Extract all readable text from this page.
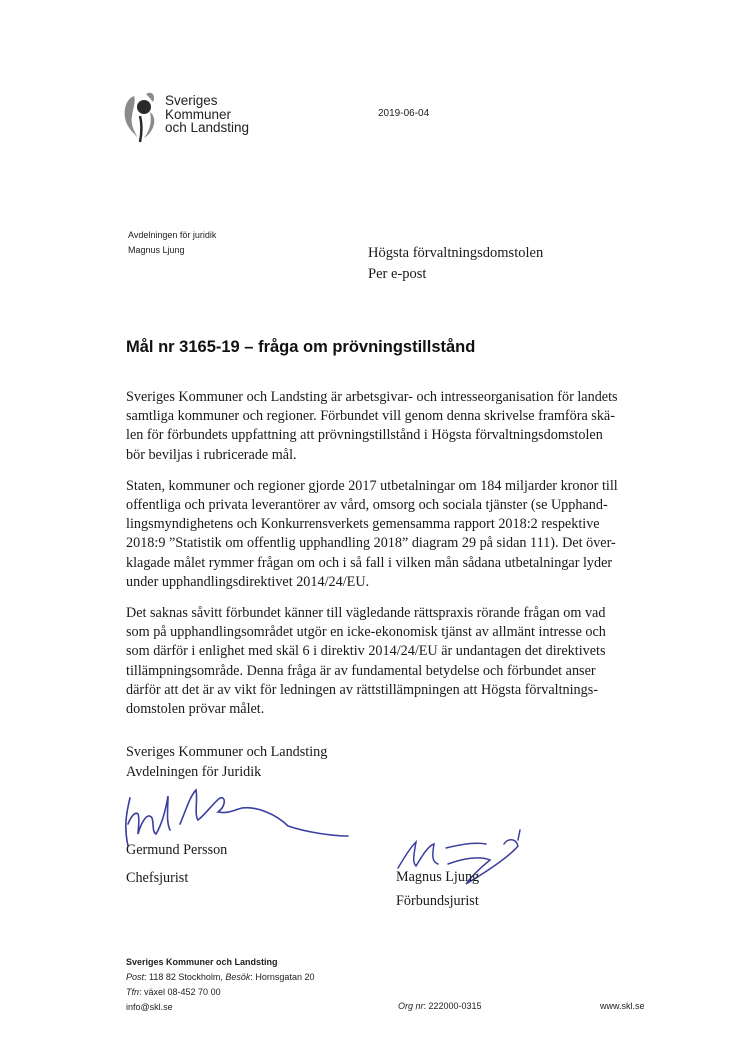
Sveriges
Kommuner
och Landsting
2019-06-04
Avdelningen för juridik
Magnus Ljung	Högsta förvaltningsdomstolen
Per e-post
Mål nr 3165-19 – fråga om prövningstillstånd

Sveriges Kommuner och Landsting är arbetsgivar- och intresseorganisation för landets
samtliga kommuner och regioner. Förbundet vill genom denna skrivelse framföra skä-
len för förbundets uppfattning att prövningstillstånd i Högsta förvaltningsdomstolen
bör beviljas i rubricerade mål.

Staten, kommuner och regioner gjorde 2017 utbetalningar om 184 miljarder kronor till
offentliga och privata leverantörer av vård, omsorg och sociala tjänster (se Upphand-
lingsmyndighetens och Konkurrensverkets gemensamma rapport 2018:2 respektive
2018:9 ”Statistik om offentlig upphandling 2018” diagram 29 på sidan 111). Det över-
klagade målet rymmer frågan om och i så fall i vilken mån sådana utbetalningar lyder
under upphandlingsdirektivet 2014/24/EU.

Det saknas såvitt förbundet känner till vägledande rättspraxis rörande frågan om vad
som på upphandlingsområdet utgör en icke-ekonomisk tjänst av allmänt intresse och
som därför i enlighet med skäl 6 i direktiv 2014/24/EU är undantagen det direktivets
tillämpningsområde. Denna fråga är av fundamental betydelse och förbundet anser
därför att det är av vikt för ledningen av rättstillämpningen att Högsta förvaltnings-
domstolen prövar målet.

Sveriges Kommuner och Landsting
Avdelningen för Juridik
Germund Persson
Chefsjurist	Magnus Ljung
Förbundsjurist
Sveriges Kommuner och Landsting
Post: 118 82 Stockholm, Besök: Hornsgatan 20
Tfn: växel 08-452 70 00
info@skl.se	Org nr: 222000-0315	www.skl.se
